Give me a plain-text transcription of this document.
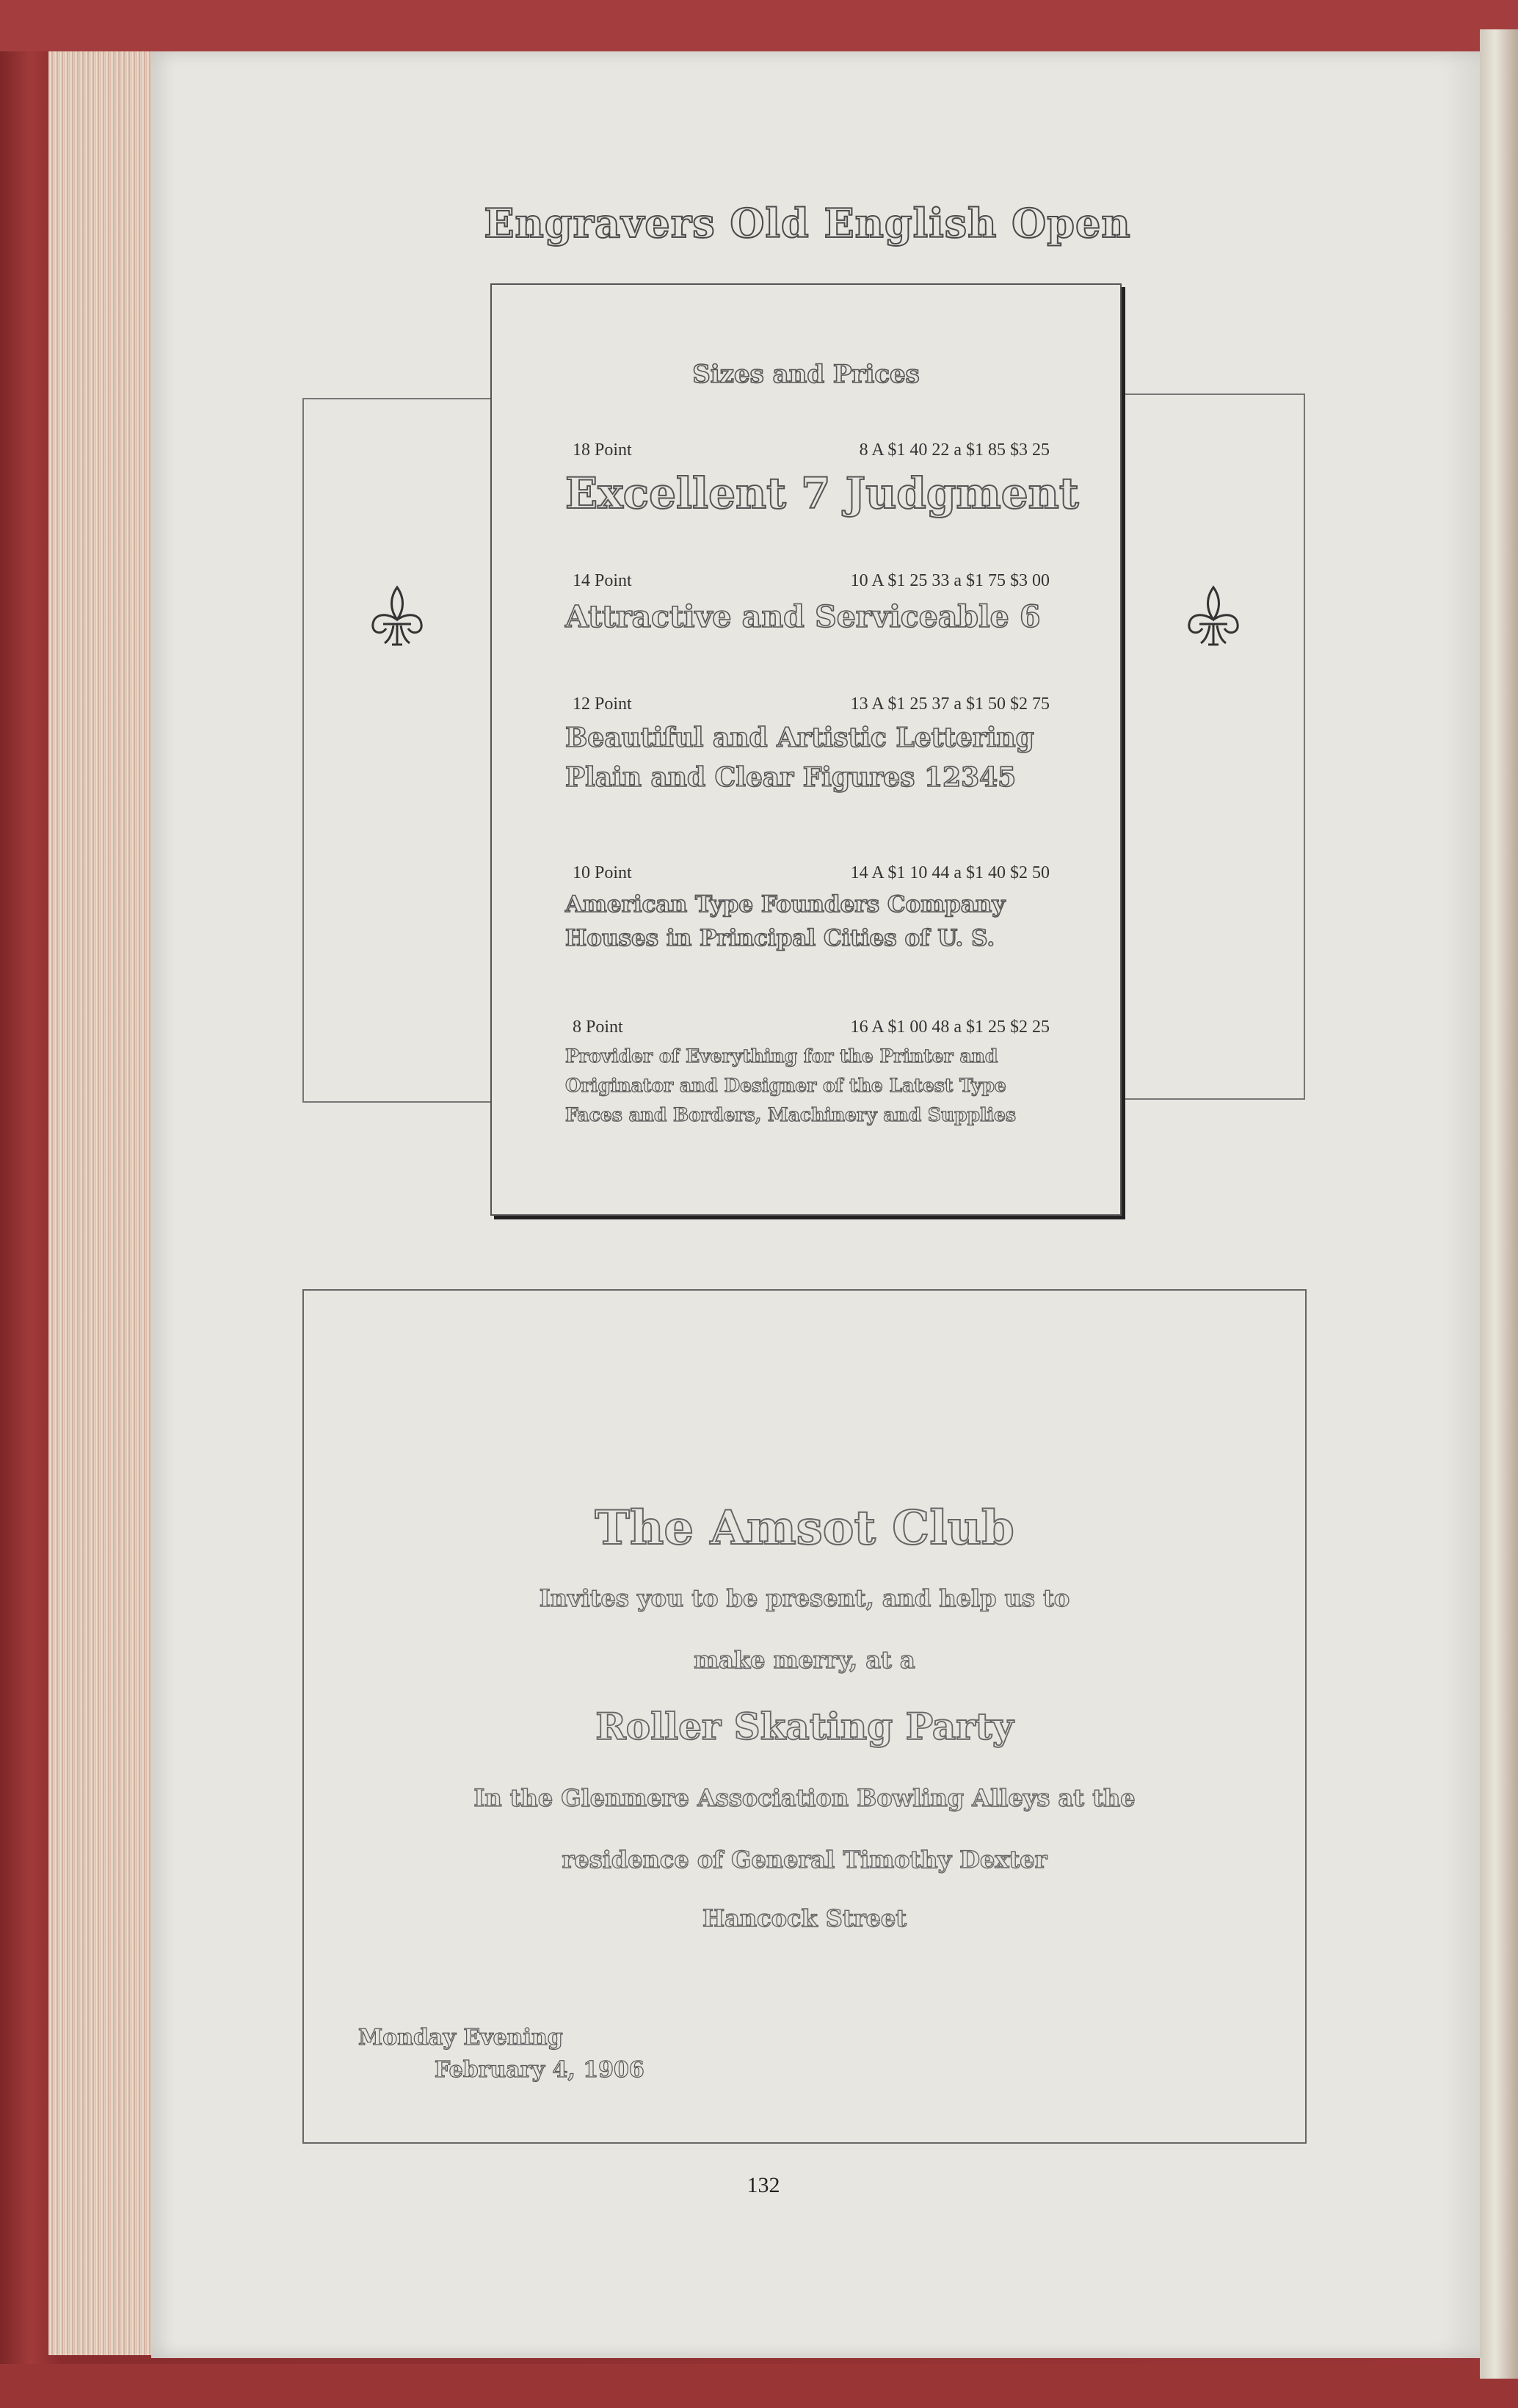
Engravers Old English Open
Sizes and Prices
18 Point	8 A $1 40 22 a $1 85 $3 25
Excellent 7 Judgment
14 Point	10 A $1 25 33 a $1 75 $3 00
Attractive and Serviceable 6
12 Point	13 A $1 25 37 a $1 50 $2 75
Beautiful and Artistic Lettering
Plain and Clear Figures 12345
10 Point	14 A $1 10 44 a $1 40 $2 50
American Type Founders Company
Houses in Principal Cities of U. S.
8 Point	16 A $1 00 48 a $1 25 $2 25
Provider of Everything for the Printer and
Originator and Designer of the Latest Type
Faces and Borders, Machinery and Supplies
The Amsot Club
Invites you to be present, and help us to
make merry, at a
Roller Skating Party
In the Glenmere Association Bowling Alleys at the
residence of General Timothy Dexter
Hancock Street
Monday Evening
February 4, 1906
132
